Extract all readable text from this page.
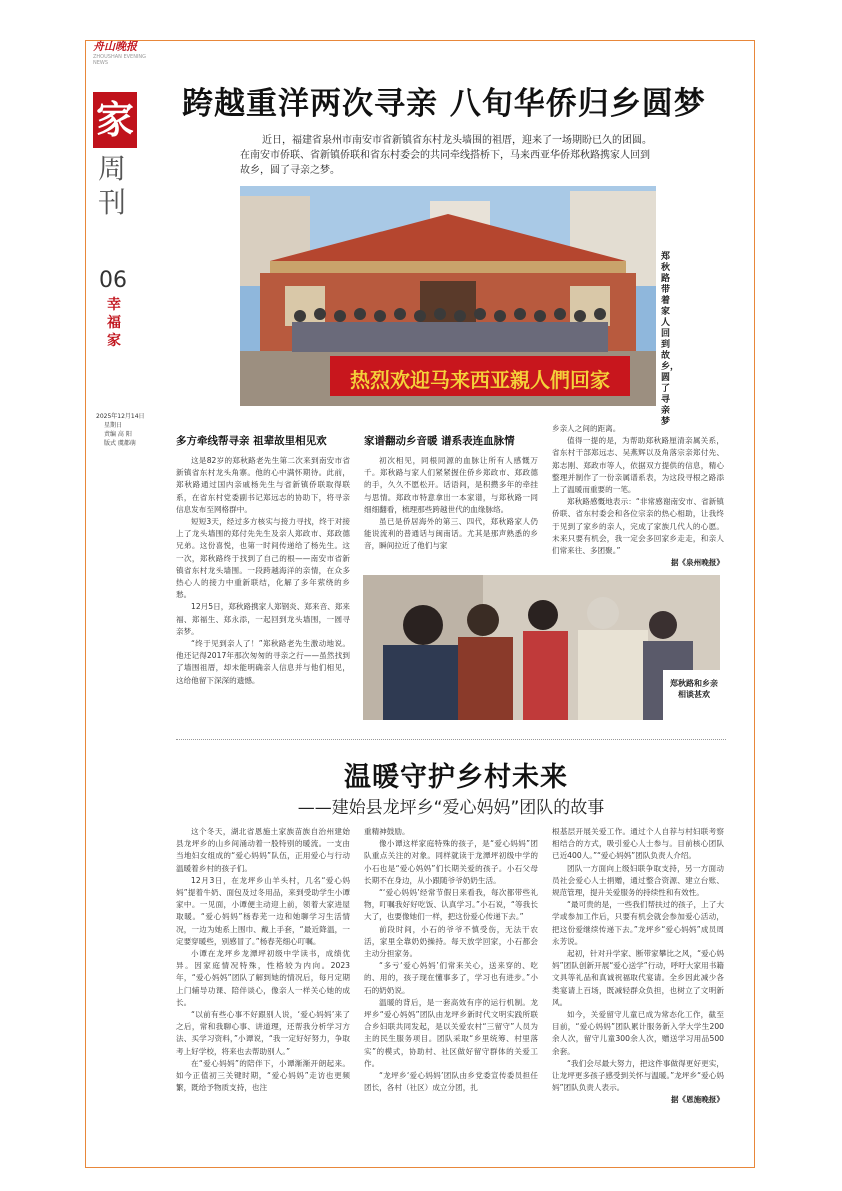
舟山晚报
ZHOUSHAN EVENING NEWS
家
周刊
06
幸福家
2025年12月14日
星期日
责编 高 阳
版式 虞都萌
跨越重洋两次寻亲 八旬华侨归乡圆梦
近日，福建省泉州市南安市省新镇省东村龙头墙围的祖厝，迎来了一场期盼已久的团圆。在南安市侨联、省新镇侨联和省东村委会的共同牵线搭桥下，马来西亚华侨郑秋路携家人回到故乡，圆了寻亲之梦。
热烈欢迎马来西亚親人們回家
郑秋路带着家人回到故乡，圆了寻亲梦
多方牵线帮寻亲 祖辈故里相见欢	家谱翻动乡音暖 谱系表连血脉情

这是82岁的郑秋路老先生第二次来到南安市省新镇省东村龙头角寨。他的心中满怀期待。此前，郑秋路通过国内亲戚杨先生与省新镇侨联取得联系，在省东村党委副书记郑远志的协助下，将寻亲信息发布至网格群中。

短短3天，经过多方核实与接力寻找，终于对接上了龙头墙围的郑付先先生及亲人郑政市、郑政德兄弟。这份喜悦，也第一时间传递给了杨先生。这一次，郑秋路终于找到了自己的根——南安市省新镇省东村龙头墙围。一段跨越海洋的亲情，在众多热心人的接力中重新联结，化解了多年萦绕的乡愁。

12月5日，郑秋路携家人郑钢炎、郑来音、郑来福、郑福生、郑永添，一起回到龙头墙围，一圆寻亲梦。

“终于见到亲人了！”郑秋路老先生激动地说。他还记得2017年那次匆匆的寻亲之行——虽然找到了墙围祖厝，却未能明确亲人信息并与他们相见，这给他留下深深的遗憾。

初次相见，同根同源的血脉让所有人感慨万千。郑秋路与家人们紧紧握住侨乡郑政市、郑政德的手，久久不愿松开。话语间，是积攒多年的牵挂与思情。郑政市特意拿出一本家谱，与郑秋路一同细细翻看，梳理那些跨越世代的血缘脉络。

虽已是侨居海外的第三、四代，郑秋路家人仍能说流利的普通话与闽南话。尤其是那声熟悉的乡音，瞬间拉近了他们与家

乡亲人之间的距离。

值得一提的是，为帮助郑秋路厘清亲属关系，省东村干部郑远志、吴燕辉以及角落宗亲郑付先、郑志刚、郑政市等人，依据双方提供的信息，精心整理并制作了一份亲属谱系表，为这段寻根之路添上了温暖而重要的一笔。

郑秋路感慨地表示：“非常感谢南安市、省新镇侨联、省东村委会和各位宗亲的热心相助，让我终于见到了家乡的亲人，完成了家族几代人的心愿。未来只要有机会，我一定会多回家乡走走，和亲人们常来往、多团聚。”

据《泉州晚报》
郑秋路和乡亲相谈甚欢
温暖守护乡村未来
——建始县龙坪乡“爱心妈妈”团队的故事

这个冬天，湖北省恩施土家族苗族自治州建始县龙坪乡的山乡间涌动着一股特别的暖流。一支由当地妇女组成的“爱心妈妈”队伍，正用爱心与行动温暖着乡村的孩子们。

12月3日，在龙坪乡山羊头村，几名“爱心妈妈”提着牛奶、面包及过冬用品，来到受助学生小谭家中。一见面，小谭便主动迎上前，领着大家进屋取暖。“爱心妈妈”杨春芜一边和她聊学习生活情况，一边为她系上围巾、戴上手套，“最近降温，一定要穿暖些，别感冒了。”杨春芜细心叮嘱。

小谭在龙坪乡龙潭坪初级中学读书，成绩优异。因家庭情况特殊，性格较为内向。2023年，“爱心妈妈”团队了解到她的情况后，每月定期上门辅导功课、陪伴谈心，像亲人一样关心她的成长。

“以前有些心事不好跟别人说，‘爱心妈妈’来了之后，常和我聊心事、讲道理，还帮我分析学习方法、买学习资料，”小谭说，“我一定好好努力，争取考上好学校，将来也去帮助别人。”

在“爱心妈妈”的陪伴下，小谭渐渐开朗起来。如今正值初三关键时期，“爱心妈妈”走访也更频繁，既给予物质支持，也注

重精神鼓励。

像小谭这样家庭特殊的孩子，是“爱心妈妈”团队重点关注的对象。同样就读于龙潭坪初级中学的小石也是“爱心妈妈”们长期关爱的孩子。小石父母长期不在身边，从小跟随爷爷奶奶生活。

“‘爱心妈妈’经常节假日来看我，每次都带些礼物，叮嘱我好好吃饭、认真学习。”小石说，“等我长大了，也要像她们一样，把这份爱心传递下去。”

前段时间，小石的爷爷不慎受伤，无法干农活，家里全靠奶奶操持。每天放学回家，小石都会主动分担家务。

“多亏‘爱心妈妈’们常来关心，送来穿的、吃的、用的，孩子现在懂事多了，学习也有进步。”小石的奶奶说。

温暖的背后，是一套高效有序的运行机制。龙坪乡“爱心妈妈”团队由龙坪乡新时代文明实践所联合乡妇联共同发起，是以关爱农村“三留守”人员为主的民生服务项目。团队采取“乡里统筹、村里落实”的模式，协助村、社区做好留守群体的关爱工作。

“龙坪乡‘爱心妈妈’团队由乡党委宣传委员担任团长，各村（社区）成立分团，扎

根基层开展关爱工作。通过个人自荐与村妇联考察相结合的方式，吸引爱心人士参与。目前核心团队已近400人。”“爱心妈妈”团队负责人介绍。

团队一方面向上级妇联争取支持，另一方面动员社会爱心人士捐赠，通过整合资源、建立台账、规范管理，提升关爱服务的持续性和有效性。

“最可贵的是，一些我们帮扶过的孩子，上了大学或参加工作后，只要有机会就会参加爱心活动，把这份爱继续传递下去。”龙坪乡“爱心妈妈”成员周永芳说。

起初，针对升学家、断带家攀比之风，“爱心妈妈”团队创新开展“爱心送学”行动，呼吁大家用书籍文具等礼品和真诚祝福取代宴请。全乡因此减少各类宴请上百场，既减轻群众负担，也树立了文明新风。

如今，关爱留守儿童已成为常态化工作，截至目前，“爱心妈妈”团队累计服务新入学大学生200余人次，留守儿童300余人次，赠送学习用品500余套。

“我们会尽最大努力，把这件事做得更好更实，让龙坪更多孩子感受到关怀与温暖。”龙坪乡“爱心妈妈”团队负责人表示。

据《恩施晚报》
